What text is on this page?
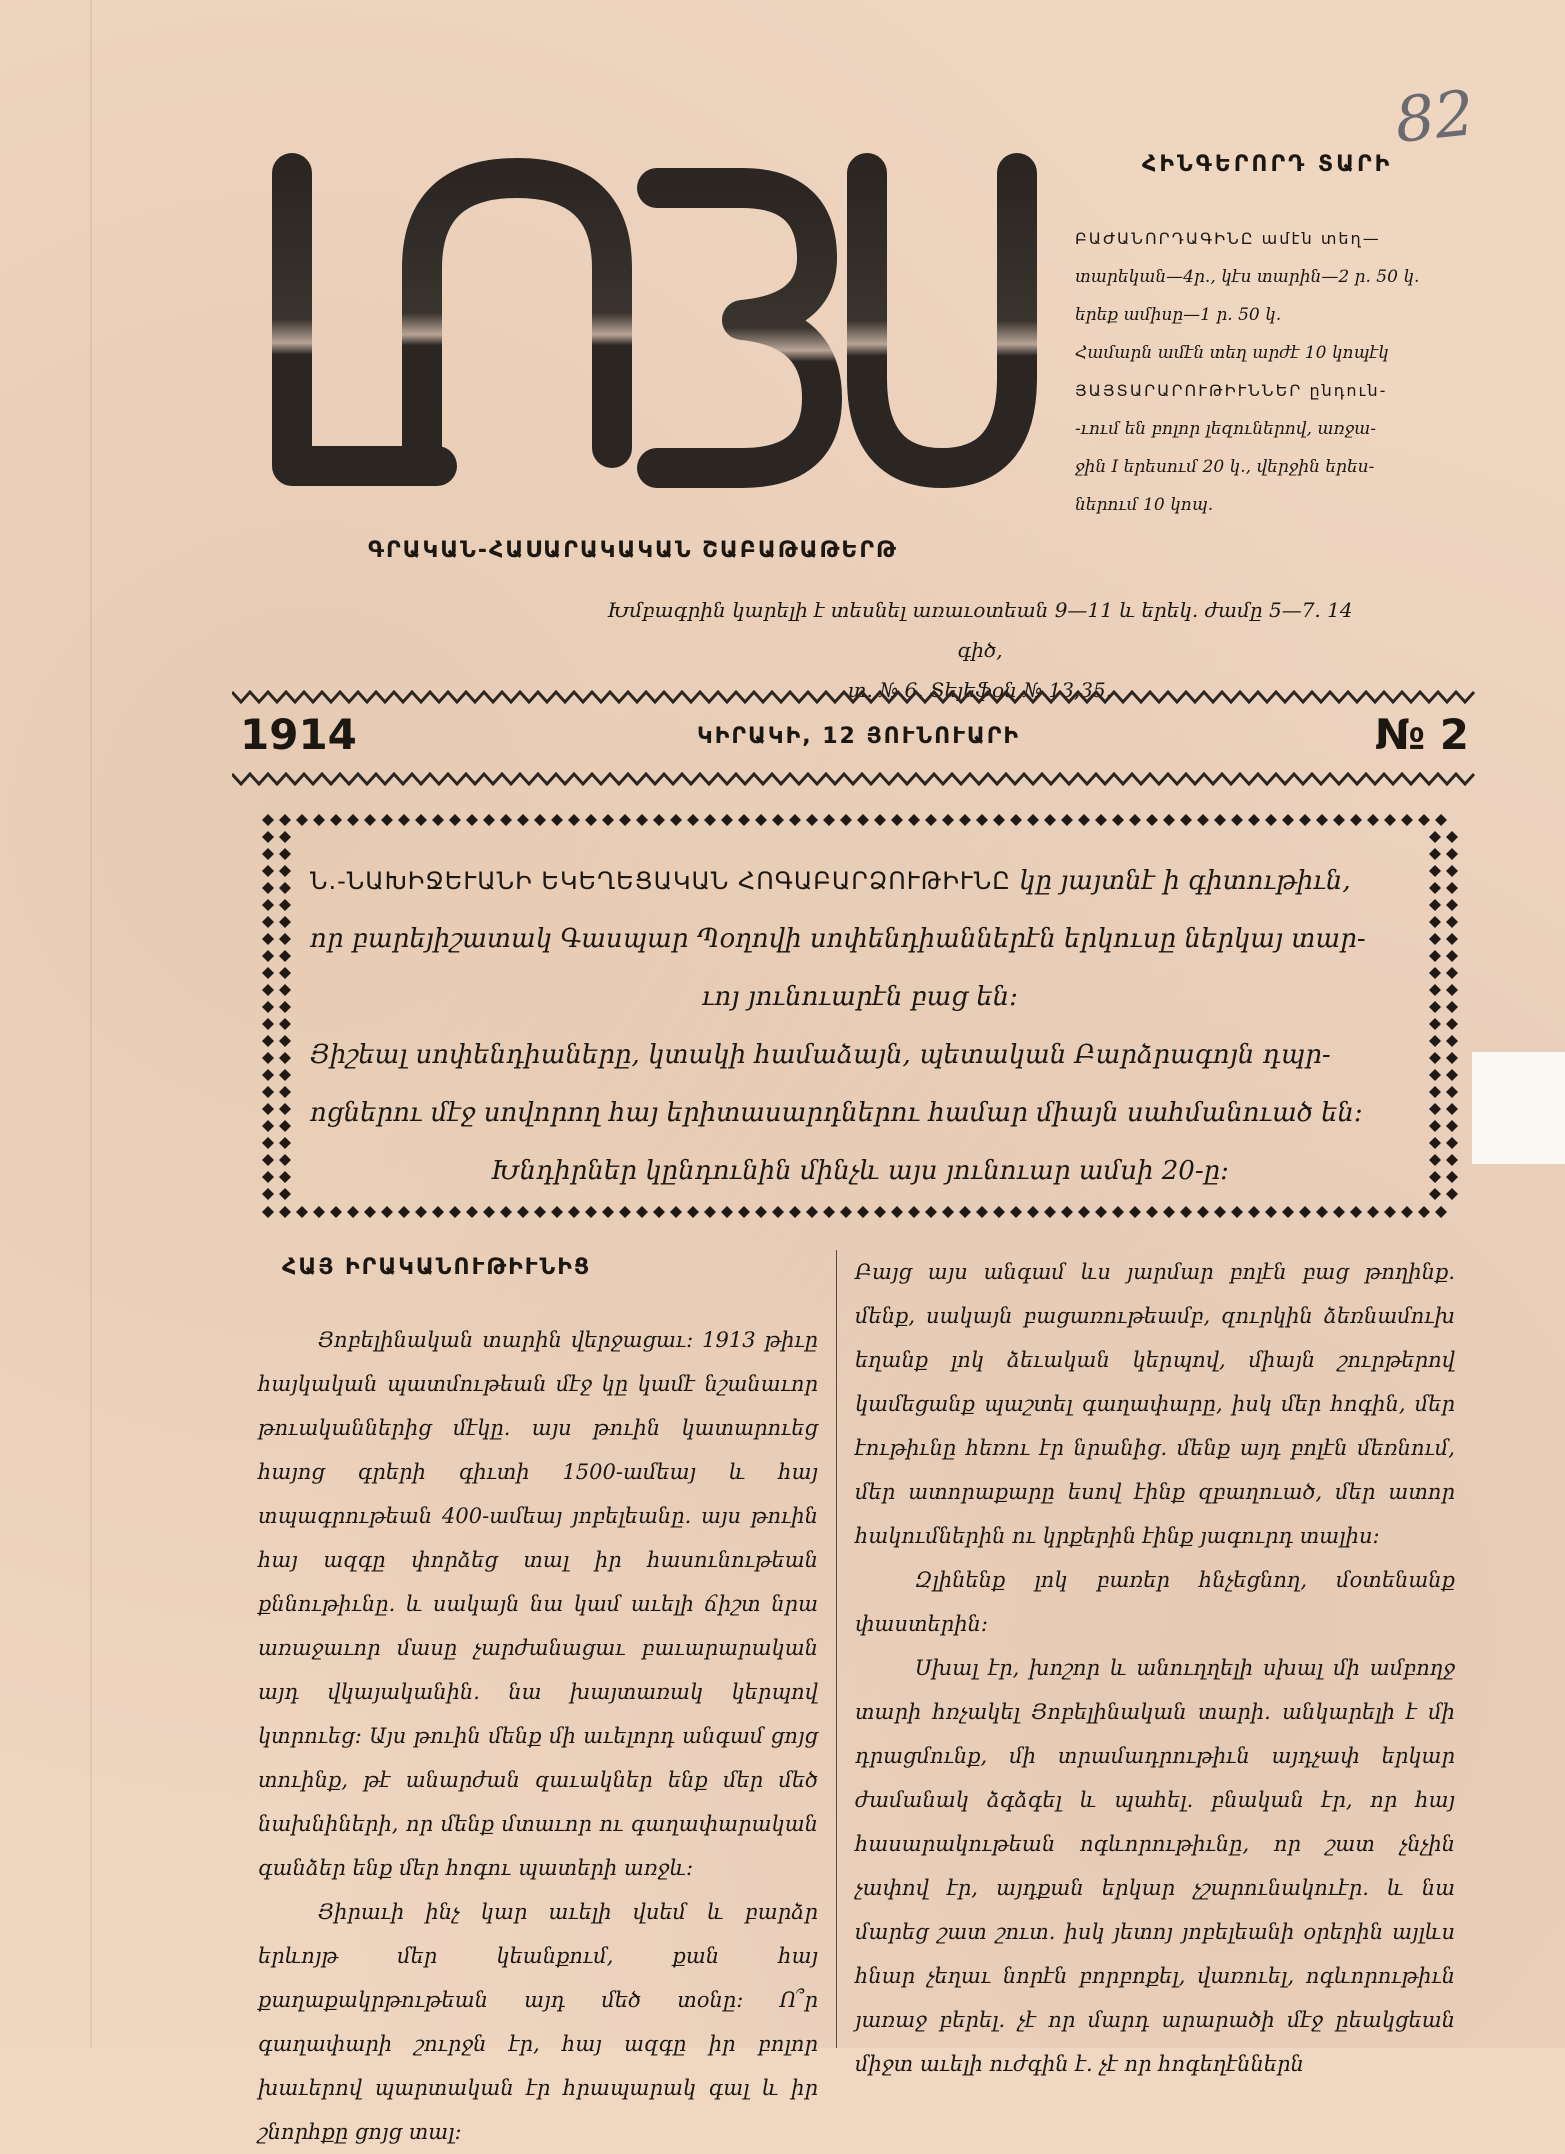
82
ՀԻՆԳԵՐՈՐԴ ՏԱՐԻ

ԲԱԺԱՆՈՐԴԱԳԻՆԸ ամէն տեղ—

տարեկան—4ր., կէս տարին—2 ր. 50 կ.

երեք ամիսը—1 ր. 50 կ.

Համարն ամէն տեղ արժէ 10 կոպէկ

ՅԱՅՏԱՐԱՐՈՒԹԻՒՆՆԵՐ ընդուն-

-ւում են բոլոր լեզուներով, առջա-

ջին I երեսում 20 կ., վերջին երես-

ներում 10 կոպ.

ԳՐԱԿԱՆ-ՀԱՍԱՐԱԿԱԿԱՆ ՇԱԲԱԹԱԹԵՐԹ

Խմբագրին կարելի է տեսնել առաւօտեան 9—11 և երեկ. ժամը 5—7. 14 գիծ,

տ. № 6. Տելեֆօն № 13,35.

1914	ԿԻՐԱԿԻ, 12 ՅՈՒՆՈՒԱՐԻ	№ 2

Ն.-ՆԱԽԻՋԵՒԱՆԻ ԵԿԵՂԵՑԱԿԱՆ ՀՈԳԱԲԱՐՁՈՒԹԻՒՆԸ կը յայտնէ ի գիտութիւն,

որ բարեյիշատակ Գասպար Պօղովի սոփենդիաններէն երկուսը ներկայ տար-

ւոյ յունուարէն բաց են։

Յիշեալ սոփենդիաները, կտակի համաձայն, պետական Բարձրագոյն դպր-

ոցներու մէջ սովորող հայ երիտասարդներու համար միայն սահմանուած են։

Խնդիրներ կընդունին մինչև այս յունուար ամսի 20-ը։

ՀԱՅ ԻՐԱԿԱՆՈՒԹԻՒՆԻՑ

Յոբելինական տարին վերջացաւ։ 1913 թիւը հայկական պատմութեան մէջ կը կամէ նշանաւոր թուականներից մէկը. այս թուին կատարուեց հայոց գրերի գիւտի 1500-ամեայ և հայ տպագրութեան 400-ամեայ յոբելեանը. այս թուին հայ ազգը փորձեց տալ իր հասունութեան քննութիւնը. և սակայն նա կամ աւելի ճիշտ նրա առաջաւոր մասը չարժանացաւ բաւարարական այդ վկայականին. նա խայտառակ կերպով կտրուեց։ Այս թուին մենք մի աւելորդ անգամ ցոյց տուինք, թէ անարժան զաւակներ ենք մեր մեծ նախնիների, որ մենք մտաւոր ու գաղափարական գանձեր ենք մեր հոգու պատերի առջև։

Յիրաւի ինչ կար աւելի վսեմ և բարձր երևոյթ մեր կեանքում, քան հայ քաղաքակրթութեան այդ մեծ տօնը։ Ո՞ր գաղափարի շուրջն էր, հայ ազգը իր բոլոր խաւերով պարտական էր հրապարակ գալ և իր շնորհքը ցոյց տալ։

Բայց այս անգամ ևս յարմար բոլէն բաց թողինք. մենք, սակայն բացառութեամբ, զուրկին ձեռնամուխ եղանք լոկ ձեւական կերպով, միայն շուրթերով կամեցանք պաշտել գաղափարը, իսկ մեր հոգին, մեր էութիւնը հեռու էր նրանից. մենք այդ բոլէն մեռնում, մեր ատորաքարը եսով էինք զբաղուած, մեր ատոր հակումներին ու կրքերին էինք յագուրդ տալիս։

Զլինենք լոկ բառեր հնչեցնող, մօտենանք փաստերին։

Սխալ էր, խոշոր և անուղղելի սխալ մի ամբողջ տարի հռչակել Յոբելինական տարի. անկարելի է մի դրացմունք, մի տրամադրութիւն այդչափ երկար ժամանակ ձգձգել և պահել. բնական էր, որ հայ հասարակութեան ոգևորութիւնը, որ շատ չնչին չափով էր, այդքան երկար չշարունակուէր. և նա մարեց շատ շուտ. իսկ յետոյ յոբելեանի օրերին այլևս հնար չեղաւ նորէն բորբոքել, վառուել, ոգևորութիւն յառաջ բերել. չէ որ մարդ արարածի մէջ ըեակցեան միջտ աւելի ուժգին է. չէ որ հոգեղէններն
